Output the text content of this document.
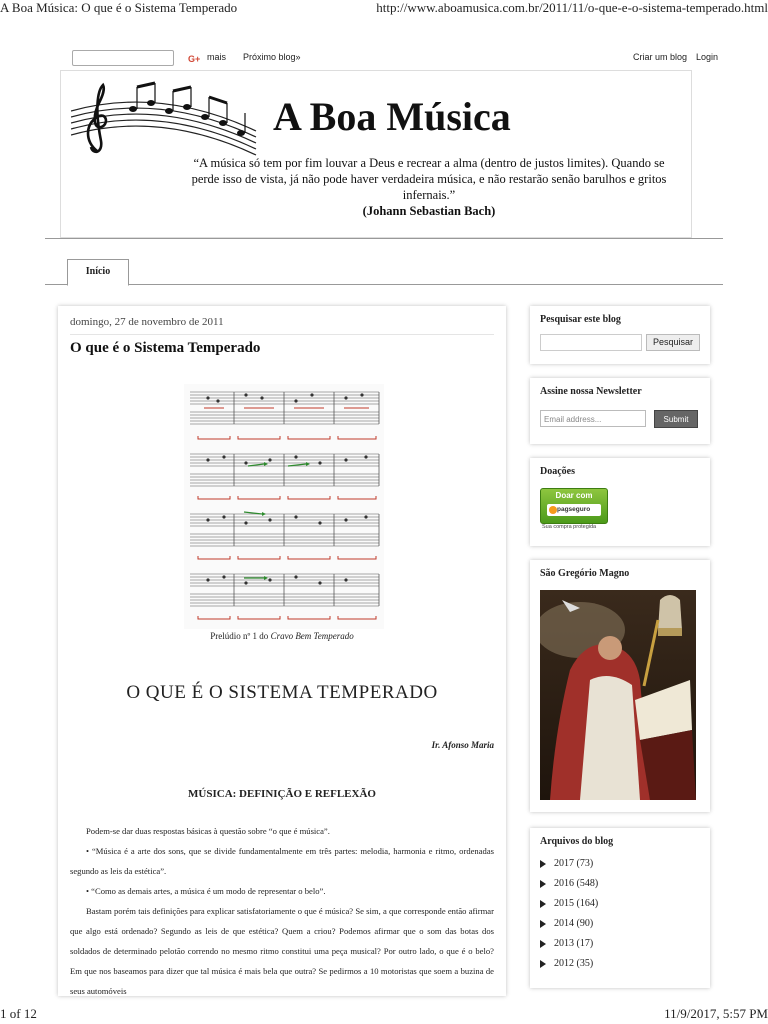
A Boa Música: O que é o Sistema Temperado	http://www.aboamusica.com.br/2011/11/o-que-e-o-sistema-temperado.html
1 of 12	11/9/2017, 5:57 PM
G+ mais Próximo blog»	Criar um blog Login
A Boa Música
“A música só tem por fim louvar a Deus e recrear a alma (dentro de justos limites). Quando se perde isso de vista, já não pode haver verdadeira música, e não restarão senão barulhos e gritos infernais.”
(Johann Sebastian Bach)
Início
domingo, 27 de novembro de 2011
O que é o Sistema Temperado
Prelúdio nº 1 do Cravo Bem Temperado
O QUE É O SISTEMA TEMPERADO
Ir. Afonso Maria
MÚSICA: DEFINIÇÃO E REFLEXÃO

Podem-se dar duas respostas básicas à questão sobre “o que é música”.

• “Música é a arte dos sons, que se divide fundamentalmente em três partes: melodia, harmonia e ritmo, ordenadas segundo as leis da estética”.

• “Como as demais artes, a música é um modo de representar o belo”.

Bastam porém tais definições para explicar satisfatoriamente o que é música? Se sim, a que corresponde então afirmar que algo está ordenado? Segundo as leis de que estética? Quem a criou? Podemos afirmar que o som das botas dos soldados de determinado pelotão correndo no mesmo ritmo constitui uma peça musical? Por outro lado, o que é o belo? Em que nos baseamos para dizer que tal música é mais bela que outra? Se pedirmos a 10 motoristas que soem a buzina de seus automóveis

Pesquisar este blog
Pesquisar
Assine nossa Newsletter
Email address...	Submit
Doações
Doar com
pagseguro
Sua compra protegida
São Gregório Magno
Arquivos do blog
2017 (73)
2016 (548)
2015 (164)
2014 (90)
2013 (17)
2012 (35)
